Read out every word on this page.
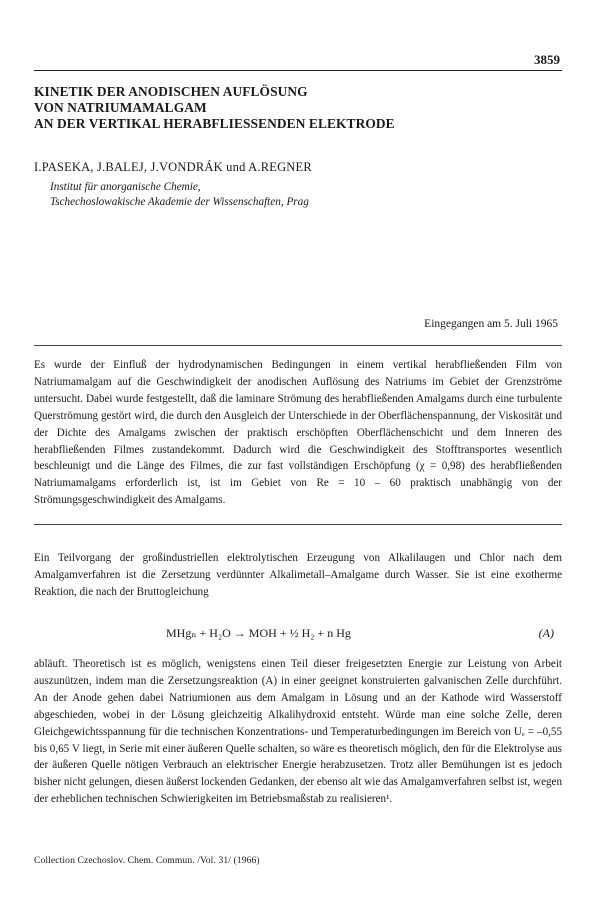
3859
KINETIK DER ANODISCHEN AUFLÖSUNG
VON NATRIUMAMALGAM
AN DER VERTIKAL HERABFLIESSENDEN ELEKTRODE
I.PASEKA, J.BALEJ, J.VONDRÁK und A.REGNER
Institut für anorganische Chemie,
Tschechoslowakische Akademie der Wissenschaften, Prag
Eingegangen am 5. Juli 1965
Es wurde der Einfluß der hydrodynamischen Bedingungen in einem vertikal herabfließenden Film von Natriumamalgam auf die Geschwindigkeit der anodischen Auflösung des Natriums im Gebiet der Grenzströme untersucht. Dabei wurde festgestellt, daß die laminare Strömung des herabfließenden Amalgams durch eine turbulente Querströmung gestört wird, die durch den Ausgleich der Unterschiede in der Oberflächenspannung, der Viskosität und der Dichte des Amalgams zwischen der praktisch erschöpften Oberflächenschicht und dem Inneren des herabfließenden Filmes zustandekommt. Dadurch wird die Geschwindigkeit des Stofftransportes wesentlich beschleunigt und die Länge des Filmes, die zur fast vollständigen Erschöpfung (χ = 0,98) des herabfließenden Natriumamalgams erforderlich ist, ist im Gebiet von Re = 10 – 60 praktisch unabhängig von der Strömungsgeschwindigkeit des Amalgams.
Ein Teilvorgang der großindustriellen elektrolytischen Erzeugung von Alkalilaugen und Chlor nach dem Amalgamverfahren ist die Zersetzung verdünnter Alkalimetall–Amalgame durch Wasser. Sie ist eine exotherme Reaktion, die nach der Bruttogleichung
MHgₙ + H₂O → MOH + ½ H₂ + n Hg	(A)
abläuft. Theoretisch ist es möglich, wenigstens einen Teil dieser freigesetzten Energie zur Leistung von Arbeit auszunützen, indem man die Zersetzungsreaktion (A) in einer geeignet konstruierten galvanischen Zelle durchführt. An der Anode gehen dabei Natriumionen aus dem Amalgam in Lösung und an der Kathode wird Wasserstoff abgeschieden, wobei in der Lösung gleichzeitig Alkalihydroxid entsteht. Würde man eine solche Zelle, deren Gleichgewichtsspannung für die technischen Konzentrations- und Temperaturbedingungen im Bereich von Uₑ = –0,55 bis 0,65 V liegt, in Serie mit einer äußeren Quelle schalten, so wäre es theoretisch möglich, den für die Elektrolyse aus der äußeren Quelle nötigen Verbrauch an elektrischer Energie herabzusetzen. Trotz aller Bemühungen ist es jedoch bisher nicht gelungen, diesen äußerst lockenden Gedanken, der ebenso alt wie das Amalgamverfahren selbst ist, wegen der erheblichen technischen Schwierigkeiten im Betriebsmaßstab zu realisieren¹.
Collection Czechoslov. Chem. Commun. /Vol. 31/ (1966)
